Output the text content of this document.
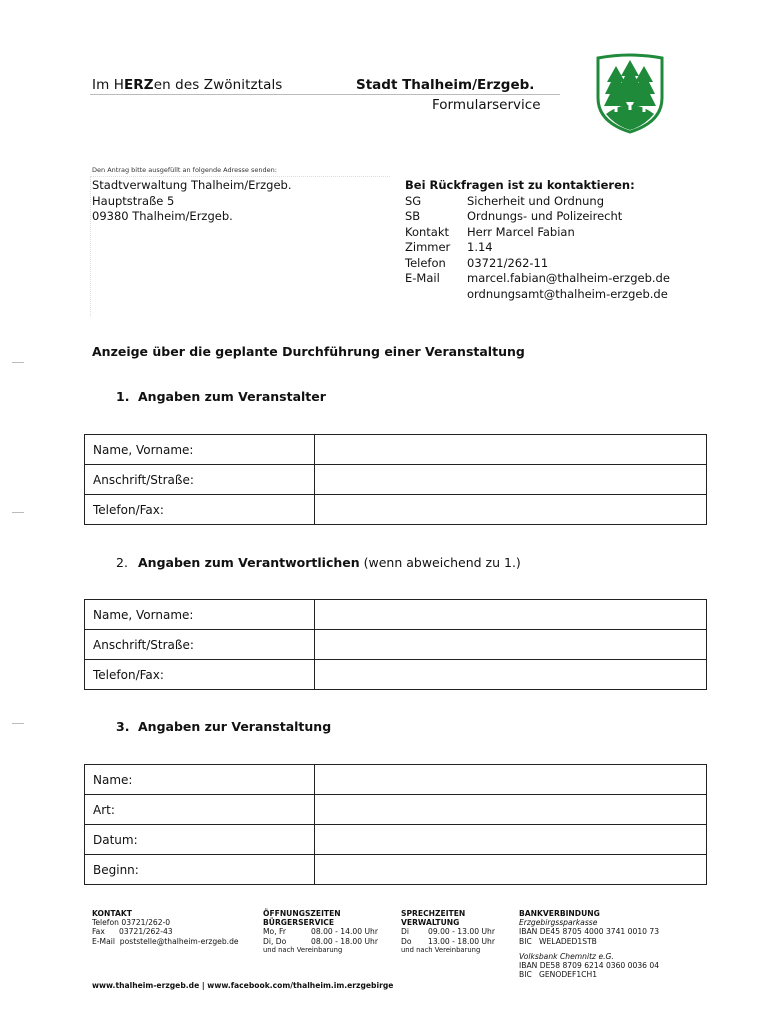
Im HERZen des Zwönitztals	Stadt Thalheim/Erzgeb.
Formularservice
Den Antrag bitte ausgefüllt an folgende Adresse senden:
Stadtverwaltung Thalheim/Erzgeb.
Hauptstraße 5
09380 Thalheim/Erzgeb.
Bei Rückfragen ist zu kontaktieren:
SG	Sicherheit und Ordnung
SB	Ordnungs- und Polizeirecht
Kontakt	Herr Marcel Fabian
Zimmer	1.14
Telefon	03721/262-11
E-Mail	marcel.fabian@thalheim-erzgeb.de
ordnungsamt@thalheim-erzgeb.de
Anzeige über die geplante Durchführung einer Veranstaltung
1. Angaben zum Veranstalter
Name, Vorname:	
Anschrift/Straße:	
Telefon/Fax:	
2. Angaben zum Verantwortlichen (wenn abweichend zu 1.)
Name, Vorname:	
Anschrift/Straße:	
Telefon/Fax:	
3. Angaben zur Veranstaltung
Name:	
Art:	
Datum:	
Beginn:	
KONTAKT
Telefon 03721/262-0
Fax	03721/262-43
E-Mail poststelle@thalheim-erzgeb.de
ÖFFNUNGSZEITEN
BÜRGERSERVICE
Mo, Fr	08.00 - 14.00 Uhr
Di, Do	08.00 - 18.00 Uhr
und nach Vereinbarung
SPRECHZEITEN
VERWALTUNG
Di	09.00 - 13.00 Uhr
Do	13.00 - 18.00 Uhr
und nach Vereinbarung
BANKVERBINDUNG
Erzgebirgssparkasse
IBAN DE45 8705 4000 3741 0010 73
BIC   WELADED1STB
Volksbank Chemnitz e.G.
IBAN DE58 8709 6214 0360 0036 04
BIC   GENODEF1CH1
www.thalheim-erzgeb.de | www.facebook.com/thalheim.im.erzgebirge
